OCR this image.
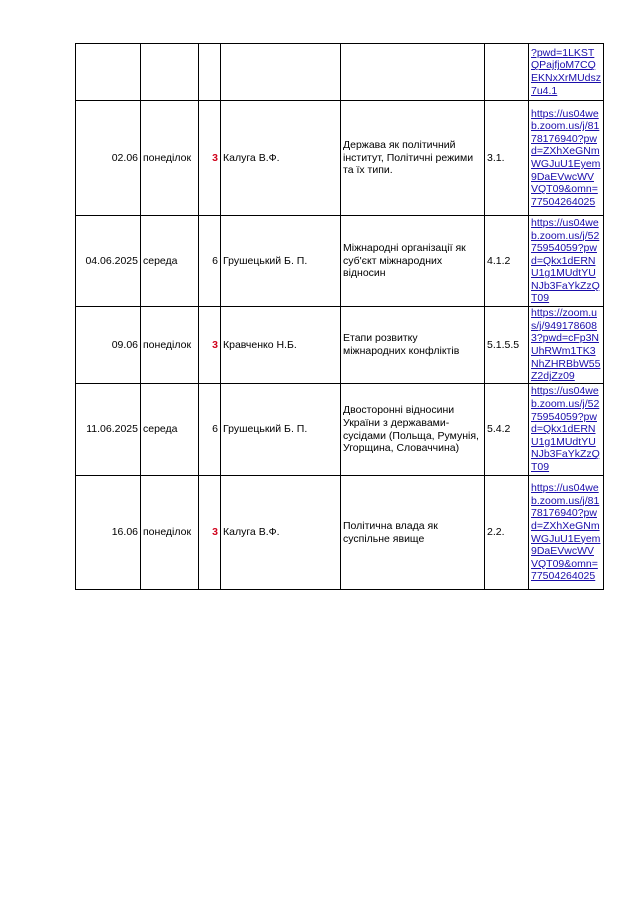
						?pwd=1LKSTQPajfjoM7CQEKNxXrMUdsz7u4.1

02.06	понеділок	3	Калуга В.Ф.	Держава як політичний інститут, Політичні режими та їх типи.	3.1.	https://us04web.zoom.us/j/8178176940?pwd=ZXhXeGNmWGJuU1Eyem9DaEVwcWVVQT09&omn=77504264025

04.06.2025	середа	6	Грушецький Б. П.	Міжнародні організації як суб'єкт міжнародних відносин	4.1.2	https://us04web.zoom.us/j/5275954059?pwd=Qkx1dERNU1g1MUdtYUNJb3FaYkZzQT09

09.06	понеділок	3	Кравченко Н.Б.	Етапи розвитку міжнародних конфліктів	5.1.5.5	https://zoom.us/j/9491786083?pwd=cFp3NUhRWm1TK3NhZHRBbW55Z2djZz09

11.06.2025	середа	6	Грушецький Б. П.	Двосторонні відносини України з державами-сусідами (Польща, Румунія, Угорщина, Словаччина)	5.4.2	https://us04web.zoom.us/j/5275954059?pwd=Qkx1dERNU1g1MUdtYUNJb3FaYkZzQT09

16.06	понеділок	3	Калуга В.Ф.	Політична влада як суспільне явище	2.2.	https://us04web.zoom.us/j/8178176940?pwd=ZXhXeGNmWGJuU1Eyem9DaEVwcWVVQT09&omn=77504264025
